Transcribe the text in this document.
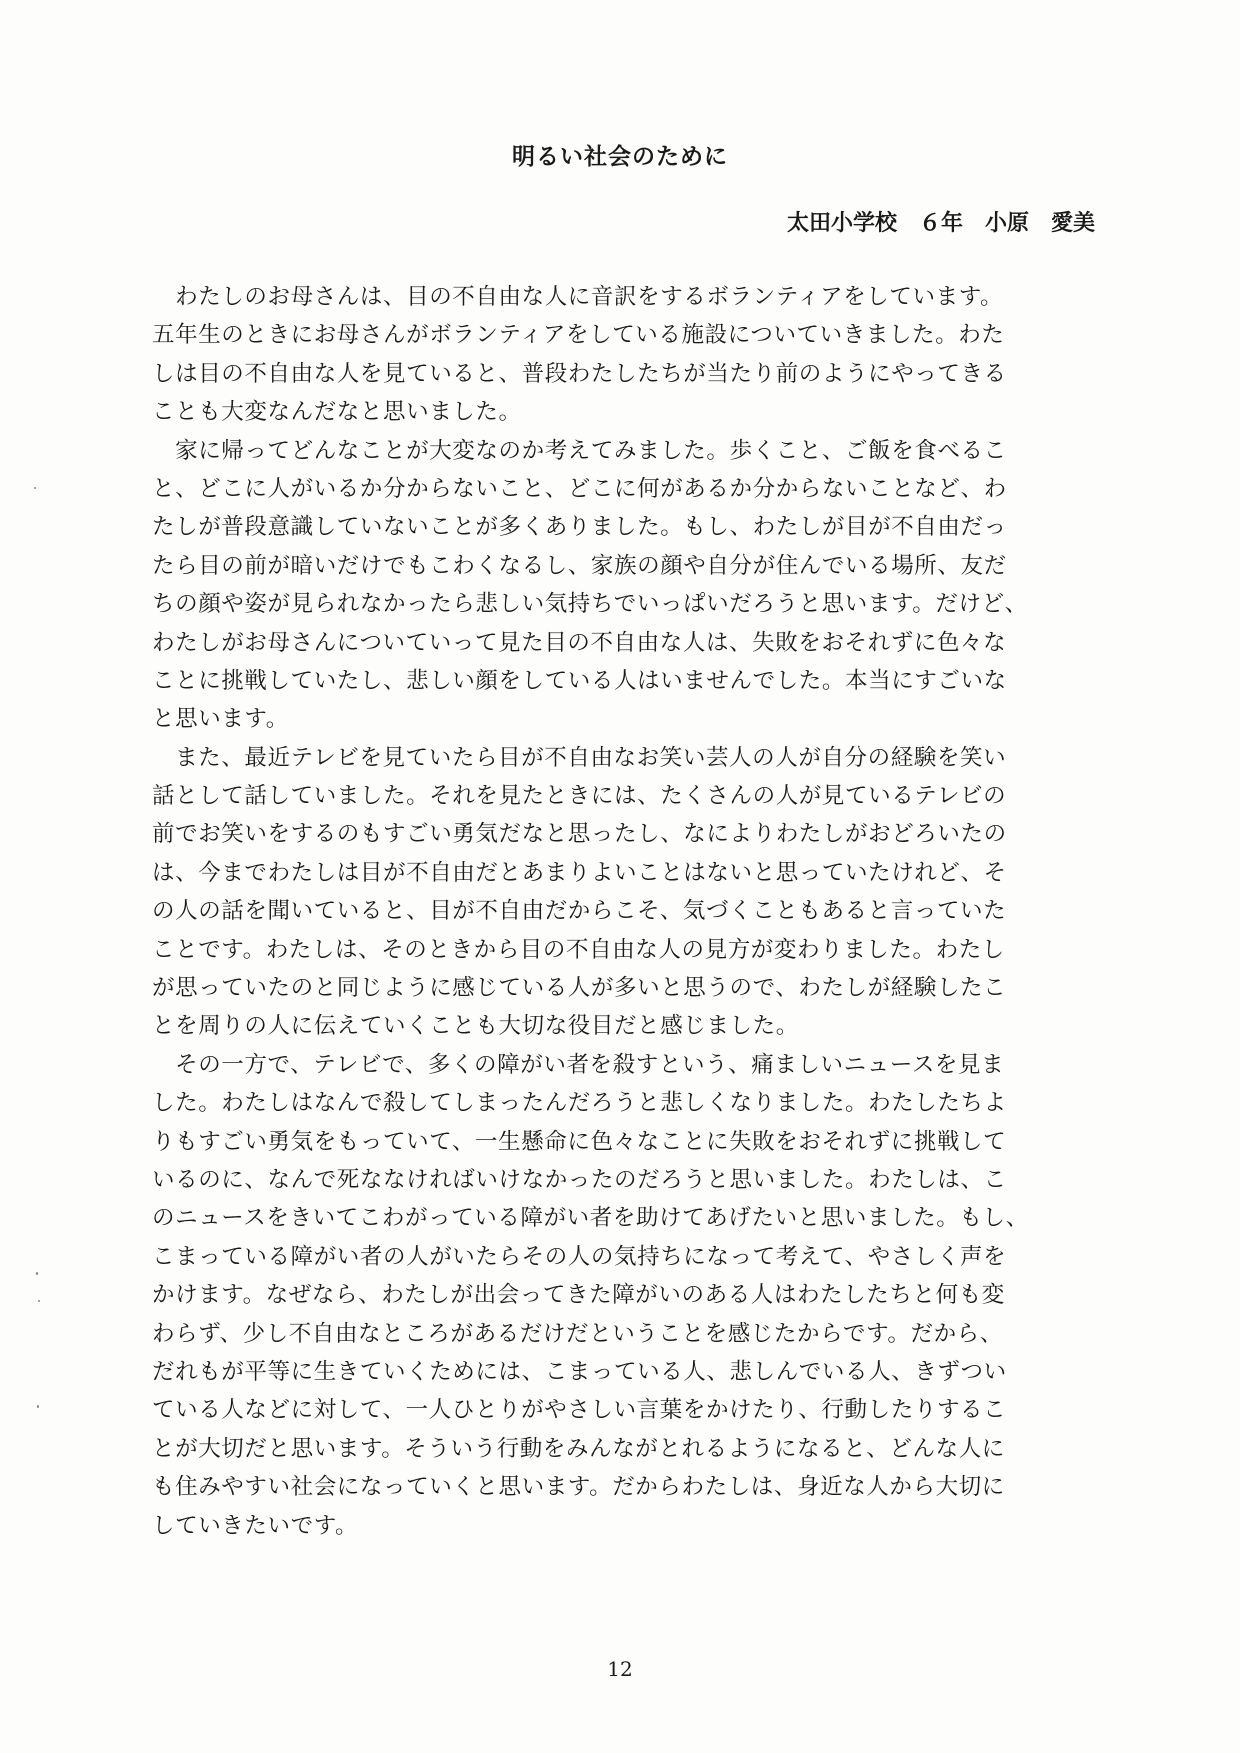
明るい社会のために

太田小学校　６年　小原　愛美

　わたしのお母さんは、目の不自由な人に音訳をするボランティアをしています。
五年生のときにお母さんがボランティアをしている施設についていきました。わた
しは目の不自由な人を見ていると、普段わたしたちが当たり前のようにやってきる
ことも大変なんだなと思いました。
　家に帰ってどんなことが大変なのか考えてみました。歩くこと、ご飯を食べるこ
と、どこに人がいるか分からないこと、どこに何があるか分からないことなど、わ
たしが普段意識していないことが多くありました。もし、わたしが目が不自由だっ
たら目の前が暗いだけでもこわくなるし、家族の顔や自分が住んでいる場所、友だ
ちの顔や姿が見られなかったら悲しい気持ちでいっぱいだろうと思います。だけど、
わたしがお母さんについていって見た目の不自由な人は、失敗をおそれずに色々な
ことに挑戦していたし、悲しい顔をしている人はいませんでした。本当にすごいな
と思います。
　また、最近テレビを見ていたら目が不自由なお笑い芸人の人が自分の経験を笑い
話として話していました。それを見たときには、たくさんの人が見ているテレビの
前でお笑いをするのもすごい勇気だなと思ったし、なによりわたしがおどろいたの
は、今までわたしは目が不自由だとあまりよいことはないと思っていたけれど、そ
の人の話を聞いていると、目が不自由だからこそ、気づくこともあると言っていた
ことです。わたしは、そのときから目の不自由な人の見方が変わりました。わたし
が思っていたのと同じように感じている人が多いと思うので、わたしが経験したこ
とを周りの人に伝えていくことも大切な役目だと感じました。
　その一方で、テレビで、多くの障がい者を殺すという、痛ましいニュースを見ま
した。わたしはなんで殺してしまったんだろうと悲しくなりました。わたしたちよ
りもすごい勇気をもっていて、一生懸命に色々なことに失敗をおそれずに挑戦して
いるのに、なんで死ななければいけなかったのだろうと思いました。わたしは、こ
のニュースをきいてこわがっている障がい者を助けてあげたいと思いました。もし、
こまっている障がい者の人がいたらその人の気持ちになって考えて、やさしく声を
かけます。なぜなら、わたしが出会ってきた障がいのある人はわたしたちと何も変
わらず、少し不自由なところがあるだけだということを感じたからです。だから、
だれもが平等に生きていくためには、こまっている人、悲しんでいる人、きずつい
ている人などに対して、一人ひとりがやさしい言葉をかけたり、行動したりするこ
とが大切だと思います。そういう行動をみんながとれるようになると、どんな人に
も住みやすい社会になっていくと思います。だからわたしは、身近な人から大切に
していきたいです。

12
